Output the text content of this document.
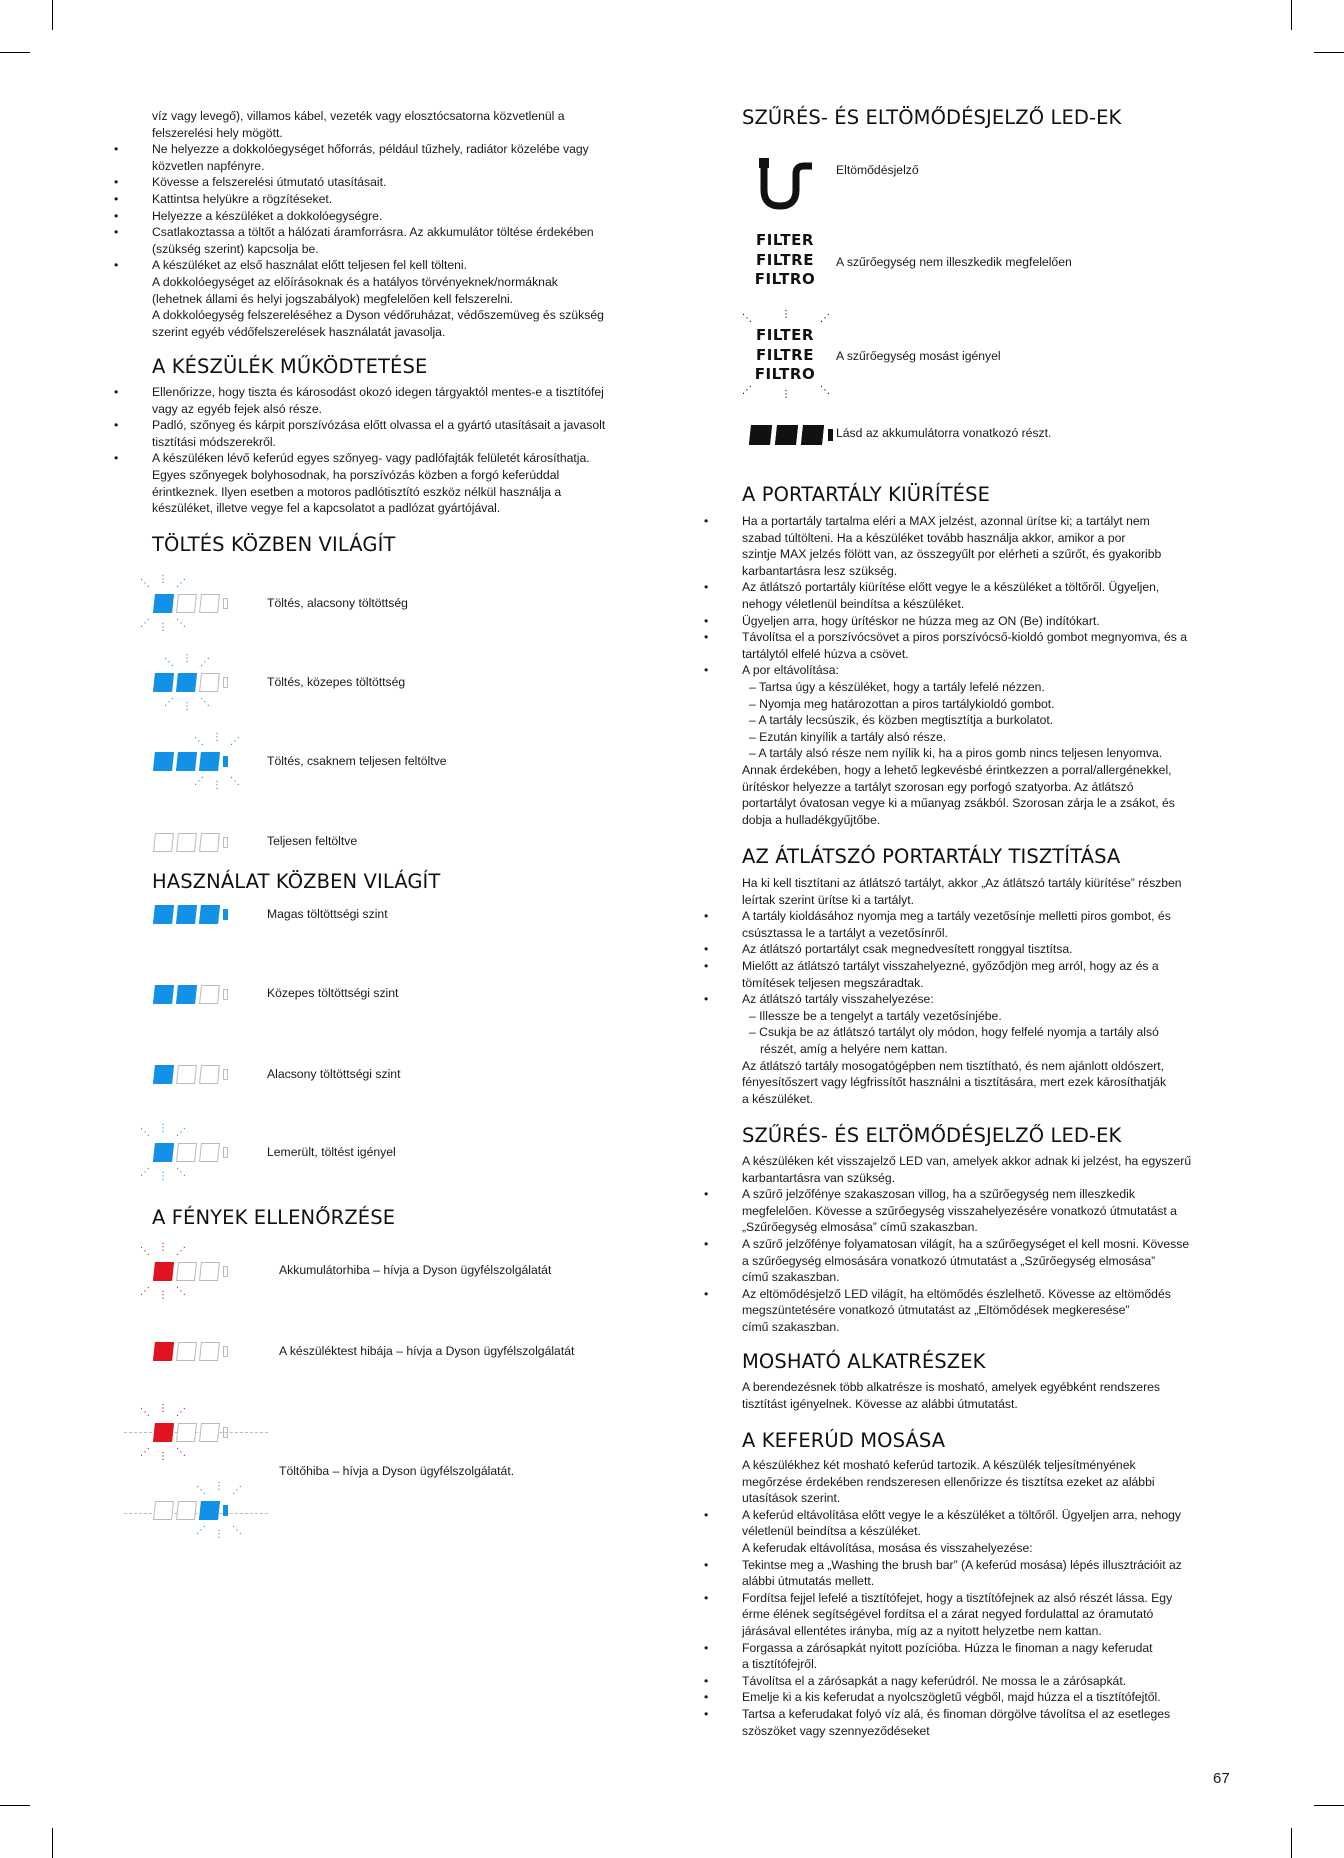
víz vagy levegő), villamos kábel, vezeték vagy elosztócsatorna közvetlenül a

felszerelési hely mögött.

• Ne helyezze a dokkolóegységet hőforrás, például tűzhely, radiátor közelébe vagy
közvetlen napfényre.
• Kövesse a felszerelési útmutató utasításait.
• Kattintsa helyükre a rögzítéseket.
• Helyezze a készüléket a dokkolóegységre.
• Csatlakoztassa a töltőt a hálózati áramforrásra. Az akkumulátor töltése érdekében
(szükség szerint) kapcsolja be.
• A készüléket az első használat előtt teljesen fel kell tölteni.
A dokkolóegységet az előírásoknak és a hatályos törvényeknek/normáknak
(lehetnek állami és helyi jogszabályok) megfelelően kell felszerelni.
A dokkolóegység felszereléséhez a Dyson védőruházat, védőszemüveg és szükség
szerint egyéb védőfelszerelések használatát javasolja.
A KÉSZÜLÉK MŰKÖDTETÉSE
• Ellenőrizze, hogy tiszta és károsodást okozó idegen tárgyaktól mentes-e a tisztítófej
vagy az egyéb fejek alsó része.
• Padló, szőnyeg és kárpit porszívózása előtt olvassa el a gyártó utasításait a javasolt
tisztítási módszerekről.
• A készüléken lévő keferúd egyes szőnyeg- vagy padlófajták felületét károsíthatja.
Egyes szőnyegek bolyhosodnak, ha porszívózás közben a forgó keferúddal
érintkeznek. Ilyen esetben a motoros padlótisztító eszköz nélkül használja a
készüléket, illetve vegye fel a kapcsolatot a padlózat gyártójával.
TÖLTÉS KÖZBEN VILÁGÍT
⋱ ⋮ ⋰
⋰ ⋮ ⋱
Töltés, alacsony töltöttség
⋱ ⋮ ⋰
⋰ ⋮ ⋱
Töltés, közepes töltöttség
⋱ ⋮ ⋰
⋰ ⋮ ⋱
Töltés, csaknem teljesen feltöltve
Teljesen feltöltve
HASZNÁLAT KÖZBEN VILÁGÍT
Magas töltöttségi szint
Közepes töltöttségi szint
Alacsony töltöttségi szint
⋱ ⋮ ⋰
⋰ ⋮ ⋱
Lemerült, töltést igényel
A FÉNYEK ELLENŐRZÉSE
⋱ ⋮ ⋰
⋰ ⋮ ⋱
Akkumulátorhiba – hívja a Dyson ügyfélszolgálatát
A készüléktest hibája – hívja a Dyson ügyfélszolgálatát
⋱ ⋮ ⋰
⋰ ⋮ ⋱
⋱ ⋮ ⋰
⋰ ⋮ ⋱
Töltőhiba – hívja a Dyson ügyfélszolgálatát.
SZŰRÉS- ÉS ELTÖMŐDÉSJELZŐ LED-EK
Eltömődésjelző
FILTER
FILTRE
FILTRO
A szűrőegység nem illeszkedik megfelelően
⋱	⋮	⋰
⋰	⋮	⋱
FILTER
FILTRE
FILTRO
A szűrőegység mosást igényel
Lásd az akkumulátorra vonatkozó részt.
A PORTARTÁLY KIÜRÍTÉSE
• Ha a portartály tartalma eléri a MAX jelzést, azonnal ürítse ki; a tartályt nem
szabad túltölteni. Ha a készüléket tovább használja akkor, amikor a por
szintje MAX jelzés fölött van, az összegyűlt por elérheti a szűrőt, és gyakoribb
karbantartásra lesz szükség.
• Az átlátszó portartály kiürítése előtt vegye le a készüléket a töltőről. Ügyeljen,
nehogy véletlenül beindítsa a készüléket.
• Ügyeljen arra, hogy ürítéskor ne húzza meg az ON (Be) indítókart.
• Távolítsa el a porszívócsövet a piros porszívócső-kioldó gombot megnyomva, és a
tartálytól elfelé húzva a csövet.
• A por eltávolítása:

– Tartsa úgy a készüléket, hogy a tartály lefelé nézzen.

– Nyomja meg határozottan a piros tartálykioldó gombot.

– A tartály lecsúszik, és közben megtisztítja a burkolatot.

– Ezután kinyílik a tartály alsó része.

– A tartály alsó része nem nyílik ki, ha a piros gomb nincs teljesen lenyomva.

Annak érdekében, hogy a lehető legkevésbé érintkezzen a porral/allergénekkel,

ürítéskor helyezze a tartályt szorosan egy porfogó szatyorba. Az átlátszó

portartályt óvatosan vegye ki a műanyag zsákból. Szorosan zárja le a zsákot, és

dobja a hulladékgyűjtőbe.

AZ ÁTLÁTSZÓ PORTARTÁLY TISZTÍTÁSA

Ha ki kell tisztítani az átlátszó tartályt, akkor „Az átlátszó tartály kiürítése” részben

leírtak szerint ürítse ki a tartályt.

• A tartály kioldásához nyomja meg a tartály vezetősínje melletti piros gombot, és
csúsztassa le a tartályt a vezetősínről.
• Az átlátszó portartályt csak megnedvesített ronggyal tisztítsa.
• Mielőtt az átlátszó tartályt visszahelyezné, győződjön meg arról, hogy az és a
tömítések teljesen megszáradtak.
• Az átlátszó tartály visszahelyezése:

– Illessze be a tengelyt a tartály vezetősínjébe.

– Csukja be az átlátszó tartályt oly módon, hogy felfelé nyomja a tartály alsó

részét, amíg a helyére nem kattan.

Az átlátszó tartály mosogatógépben nem tisztítható, és nem ajánlott oldószert,

fényesítőszert vagy légfrissítőt használni a tisztítására, mert ezek károsíthatják

a készüléket.

SZŰRÉS- ÉS ELTÖMŐDÉSJELZŐ LED-EK

A készüléken két visszajelző LED van, amelyek akkor adnak ki jelzést, ha egyszerű

karbantartásra van szükség.

• A szűrő jelzőfénye szakaszosan villog, ha a szűrőegység nem illeszkedik
megfelelően. Kövesse a szűrőegység visszahelyezésére vonatkozó útmutatást a
„Szűrőegység elmosása” című szakaszban.
• A szűrő jelzőfénye folyamatosan világít, ha a szűrőegységet el kell mosni. Kövesse
a szűrőegység elmosására vonatkozó útmutatást a „Szűrőegység elmosása”
című szakaszban.
• Az eltömődésjelző LED világít, ha eltömődés észlelhető. Kövesse az eltömődés
megszüntetésére vonatkozó útmutatást az „Eltömődések megkeresése”
című szakaszban.
MOSHATÓ ALKATRÉSZEK

A berendezésnek több alkatrésze is mosható, amelyek egyébként rendszeres

tisztítást igényelnek. Kövesse az alábbi útmutatást.

A KEFERÚD MOSÁSA

A készülékhez két mosható keferúd tartozik. A készülék teljesítményének

megőrzése érdekében rendszeresen ellenőrizze és tisztítsa ezeket az alábbi

utasítások szerint.

• A keferúd eltávolítása előtt vegye le a készüléket a töltőről. Ügyeljen arra, nehogy
véletlenül beindítsa a készüléket.
A keferudak eltávolítása, mosása és visszahelyezése:
• Tekintse meg a „Washing the brush bar” (A keferúd mosása) lépés illusztrációit az
alábbi útmutatás mellett.
• Fordítsa fejjel lefelé a tisztítófejet, hogy a tisztítófejnek az alsó részét lássa. Egy
érme élének segítségével fordítsa el a zárat negyed fordulattal az óramutató
járásával ellentétes irányba, míg az a nyitott helyzetbe nem kattan.
• Forgassa a zárósapkát nyitott pozícióba. Húzza le finoman a nagy keferudat
a tisztítófejről.
• Távolítsa el a zárósapkát a nagy keferúdról. Ne mossa le a zárósapkát.
• Emelje ki a kis keferudat a nyolcszögletű végből, majd húzza el a tisztítófejtől.
• Tartsa a keferudakat folyó víz alá, és finoman dörgölve távolítsa el az esetleges
szöszöket vagy szennyeződéseket
67
